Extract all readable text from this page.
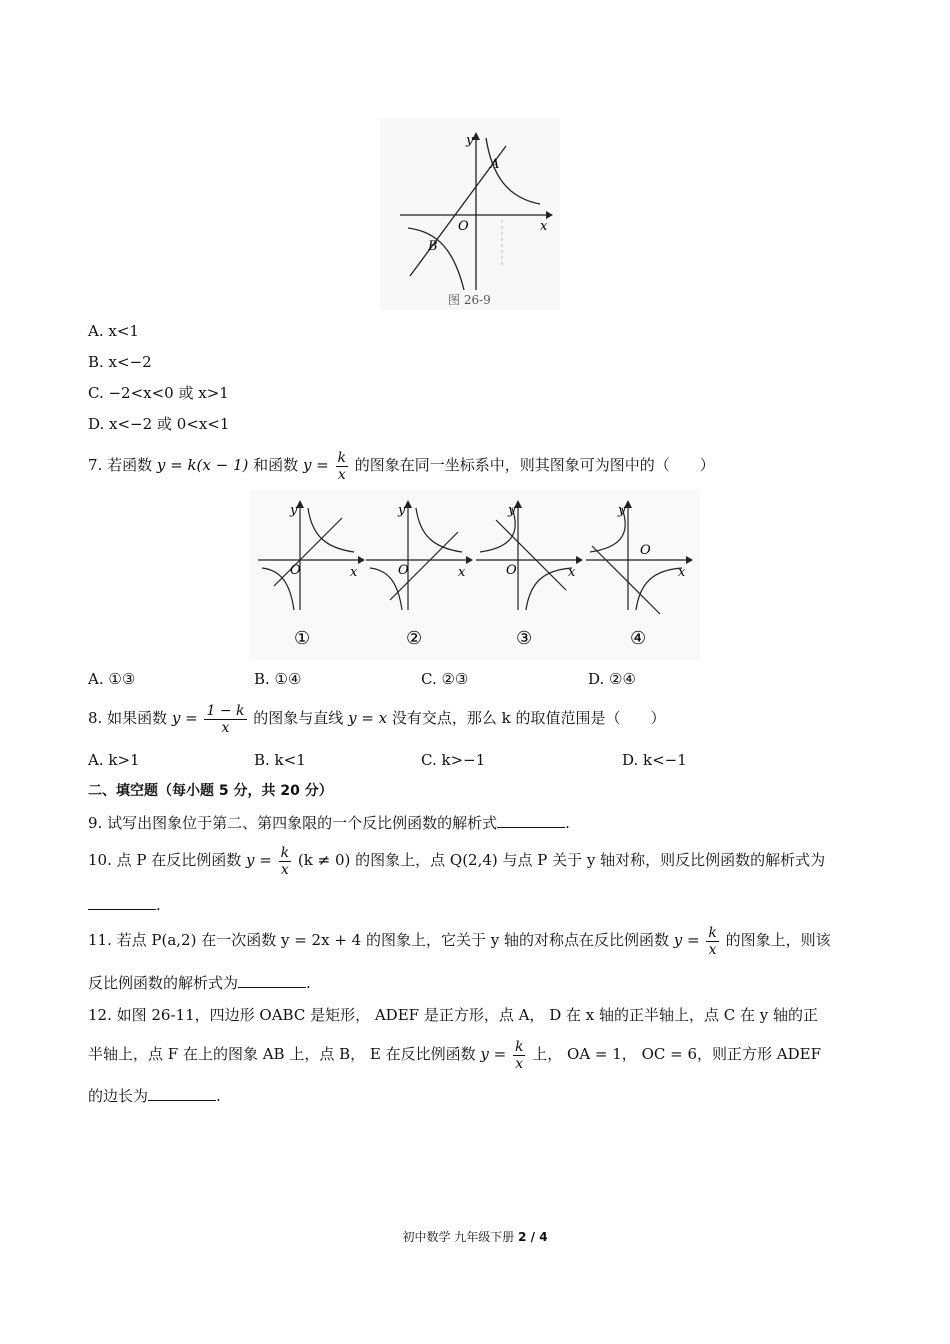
y
x
O
A
B
图 26-9
A. x<1
B. x<−2
C. −2<x<0 或 x>1
D. x<−2 或 0<x<1
7. 若函数 y = k(x − 1) 和函数 $y = \frac{k}{x}$ 的图象在同一坐标系中，则其图象可为图中的（　　）
y
x
O
①
y
x
O
②
y
x
O
③
y
x
O
④
A. ①③	B. ①④	C. ②③	D. ②④
8. 如果函数 $y = \frac{1 - k}{x}$ 的图象与直线 y = x 没有交点，那么 k 的取值范围是（　　）
A. k>1	B. k<1	C. k>−1	D. k<−1
二、填空题（每小题 5 分，共 20 分）
9. 试写出图象位于第二、第四象限的一个反比例函数的解析式	.
10. 点 P 在反比例函数 $y = \frac{k}{x} (k \ne 0)$ 的图象上，点 Q(2,4) 与点 P 关于 y 轴对称，则反比例函数的解析式为
.
11. 若点 P(a,2) 在一次函数 y = 2x + 4 的图象上，它关于 y 轴的对称点在反比例函数 $y = \frac{k}{x}$ 的图象上，则该
反比例函数的解析式为	.
12. 如图 26-11，四边形 OABC 是矩形， ADEF 是正方形，点 A， D 在 x 轴的正半轴上，点 C 在 y 轴的正
半轴上，点 F 在上的图象 AB 上，点 B， E 在反比例函数 $y = \frac{k}{x}$ 上， OA = 1， OC = 6，则正方形 ADEF
的边长为	.
初中数学 九年级下册 2 / 4
